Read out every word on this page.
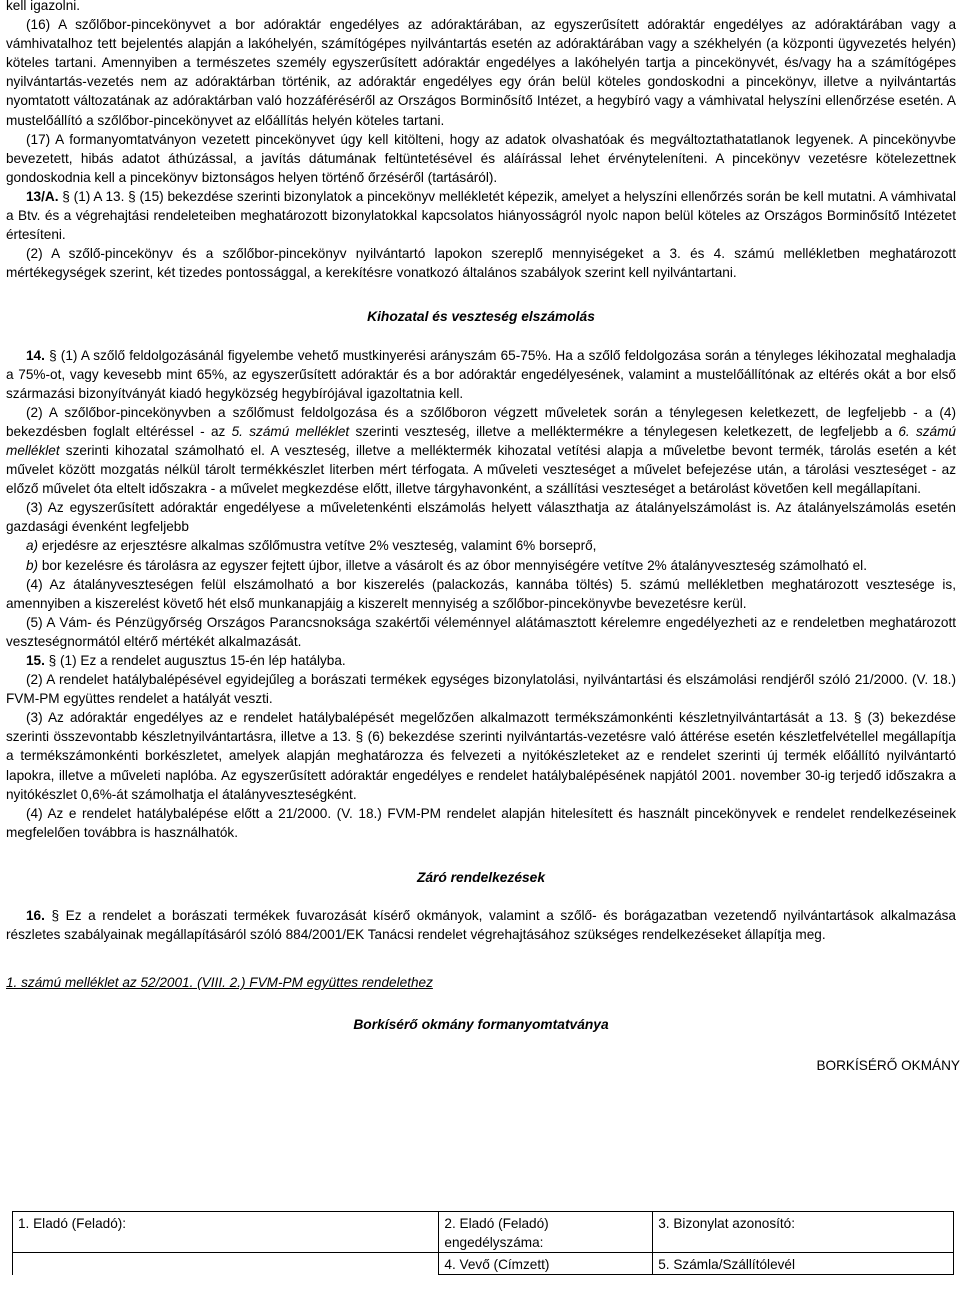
kell igazolni.

(16) A szőlőbor-pincekönyvet a bor adóraktár engedélyes az adóraktárában, az egyszerűsített adóraktár engedélyes az adóraktárában vagy a vámhivatalhoz tett bejelentés alapján a lakóhelyén, számítógépes nyilvántartás esetén az adóraktárában vagy a székhelyén (a központi ügyvezetés helyén) köteles tartani. Amennyiben a természetes személy egyszerűsített adóraktár engedélyes a lakóhelyén tartja a pincekönyvét, és/vagy ha a számítógépes nyilvántartás-vezetés nem az adóraktárban történik, az adóraktár engedélyes egy órán belül köteles gondoskodni a pincekönyv, illetve a nyilvántartás nyomtatott változatának az adóraktárban való hozzáféréséről az Országos Borminősítő Intézet, a hegybíró vagy a vámhivatal helyszíni ellenőrzése esetén. A mustelőállító a szőlőbor-pincekönyvet az előállítás helyén köteles tartani.

(17) A formanyomtatványon vezetett pincekönyvet úgy kell kitölteni, hogy az adatok olvashatóak és megváltoztathatatlanok legyenek. A pincekönyvbe bevezetett, hibás adatot áthúzással, a javítás dátumának feltüntetésével és aláírással lehet érvényteleníteni. A pincekönyv vezetésre kötelezettnek gondoskodnia kell a pincekönyv biztonságos helyen történő őrzéséről (tartásáról).

13/A. § (1) A 13. § (15) bekezdése szerinti bizonylatok a pincekönyv mellékletét képezik, amelyet a helyszíni ellenőrzés során be kell mutatni. A vámhivatal a Btv. és a végrehajtási rendeleteiben meghatározott bizonylatokkal kapcsolatos hiányosságról nyolc napon belül köteles az Országos Borminősítő Intézetet értesíteni.

(2) A szőlő-pincekönyv és a szőlőbor-pincekönyv nyilvántartó lapokon szereplő mennyiségeket a 3. és 4. számú mellékletben meghatározott mértékegységek szerint, két tizedes pontossággal, a kerekítésre vonatkozó általános szabályok szerint kell nyilvántartani.

Kihozatal és veszteség elszámolás

14. § (1) A szőlő feldolgozásánál figyelembe vehető mustkinyerési arányszám 65-75%. Ha a szőlő feldolgozása során a tényleges lékihozatal meghaladja a 75%-ot, vagy kevesebb mint 65%, az egyszerűsített adóraktár és a bor adóraktár engedélyesének, valamint a mustelőállítónak az eltérés okát a bor első származási bizonyítványát kiadó hegyközség hegybírójával igazoltatnia kell.

(2) A szőlőbor-pincekönyvben a szőlőmust feldolgozása és a szőlőboron végzett műveletek során a ténylegesen keletkezett, de legfeljebb - a (4) bekezdésben foglalt eltéréssel - az 5. számú melléklet szerinti veszteség, illetve a melléktermékre a ténylegesen keletkezett, de legfeljebb a 6. számú melléklet szerinti kihozatal számolható el. A veszteség, illetve a melléktermék kihozatal vetítési alapja a műveletbe bevont termék, tárolás esetén a két művelet között mozgatás nélkül tárolt termékkészlet literben mért térfogata. A műveleti veszteséget a művelet befejezése után, a tárolási veszteséget - az előző művelet óta eltelt időszakra - a művelet megkezdése előtt, illetve tárgyhavonként, a szállítási veszteséget a betárolást követően kell megállapítani.

(3) Az egyszerűsített adóraktár engedélyese a műveletenkénti elszámolás helyett választhatja az átalányelszámolást is. Az átalányelszámolás esetén gazdasági évenként legfeljebb

a) erjedésre az erjesztésre alkalmas szőlőmustra vetítve 2% veszteség, valamint 6% borseprő,

b) bor kezelésre és tárolásra az egyszer fejtett újbor, illetve a vásárolt és az óbor mennyiségére vetítve 2% átalányveszteség számolható el.

(4) Az átalányveszteségen felül elszámolható a bor kiszerelés (palackozás, kannába töltés) 5. számú mellékletben meghatározott vesztesége is, amennyiben a kiszerelést követő hét első munkanapjáig a kiszerelt mennyiség a szőlőbor-pincekönyvbe bevezetésre kerül.

(5) A Vám- és Pénzügyőrség Országos Parancsnoksága szakértői véleménnyel alátámasztott kérelemre engedélyezheti az e rendeletben meghatározott veszteségnormától eltérő mértékét alkalmazását.

15. § (1) Ez a rendelet augusztus 15-én lép hatályba.

(2) A rendelet hatálybalépésével egyidejűleg a borászati termékek egységes bizonylatolási, nyilvántartási és elszámolási rendjéről szóló 21/2000. (V. 18.) FVM-PM együttes rendelet a hatályát veszti.

(3) Az adóraktár engedélyes az e rendelet hatálybalépését megelőzően alkalmazott termékszámonkénti készletnyilvántartását a 13. § (3) bekezdése szerinti összevontabb készletnyilvántartásra, illetve a 13. § (6) bekezdése szerinti nyilvántartás-vezetésre való áttérése esetén készletfelvétellel megállapítja a termékszámonkénti borkészletet, amelyek alapján meghatározza és felvezeti a nyitókészleteket az e rendelet szerinti új termék előállító nyilvántartó lapokra, illetve a műveleti naplóba. Az egyszerűsített adóraktár engedélyes e rendelet hatálybalépésének napjától 2001. november 30-ig terjedő időszakra a nyitókészlet 0,6%-át számolhatja el átalányveszteségként.

(4) Az e rendelet hatálybalépése előtt a 21/2000. (V. 18.) FVM-PM rendelet alapján hitelesített és használt pincekönyvek e rendelet rendelkezéseinek megfelelően továbbra is használhatók.

Záró rendelkezések

16. § Ez a rendelet a borászati termékek fuvarozását kísérő okmányok, valamint a szőlő- és borágazatban vezetendő nyilvántartások alkalmazása részletes szabályainak megállapításáról szóló 884/2001/EK Tanácsi rendelet végrehajtásához szükséges rendelkezéseket állapítja meg.

1. számú melléklet az 52/2001. (VIII. 2.) FVM-PM együttes rendelethez

Borkísérő okmány formanyomtatványa

BORKÍSÉRŐ OKMÁNY

1. Eladó (Feladó):	2. Eladó (Feladó) engedélyszáma:	3. Bizonylat azonosító:
	4. Vevő (Címzett)	5. Számla/Szállítólevél
